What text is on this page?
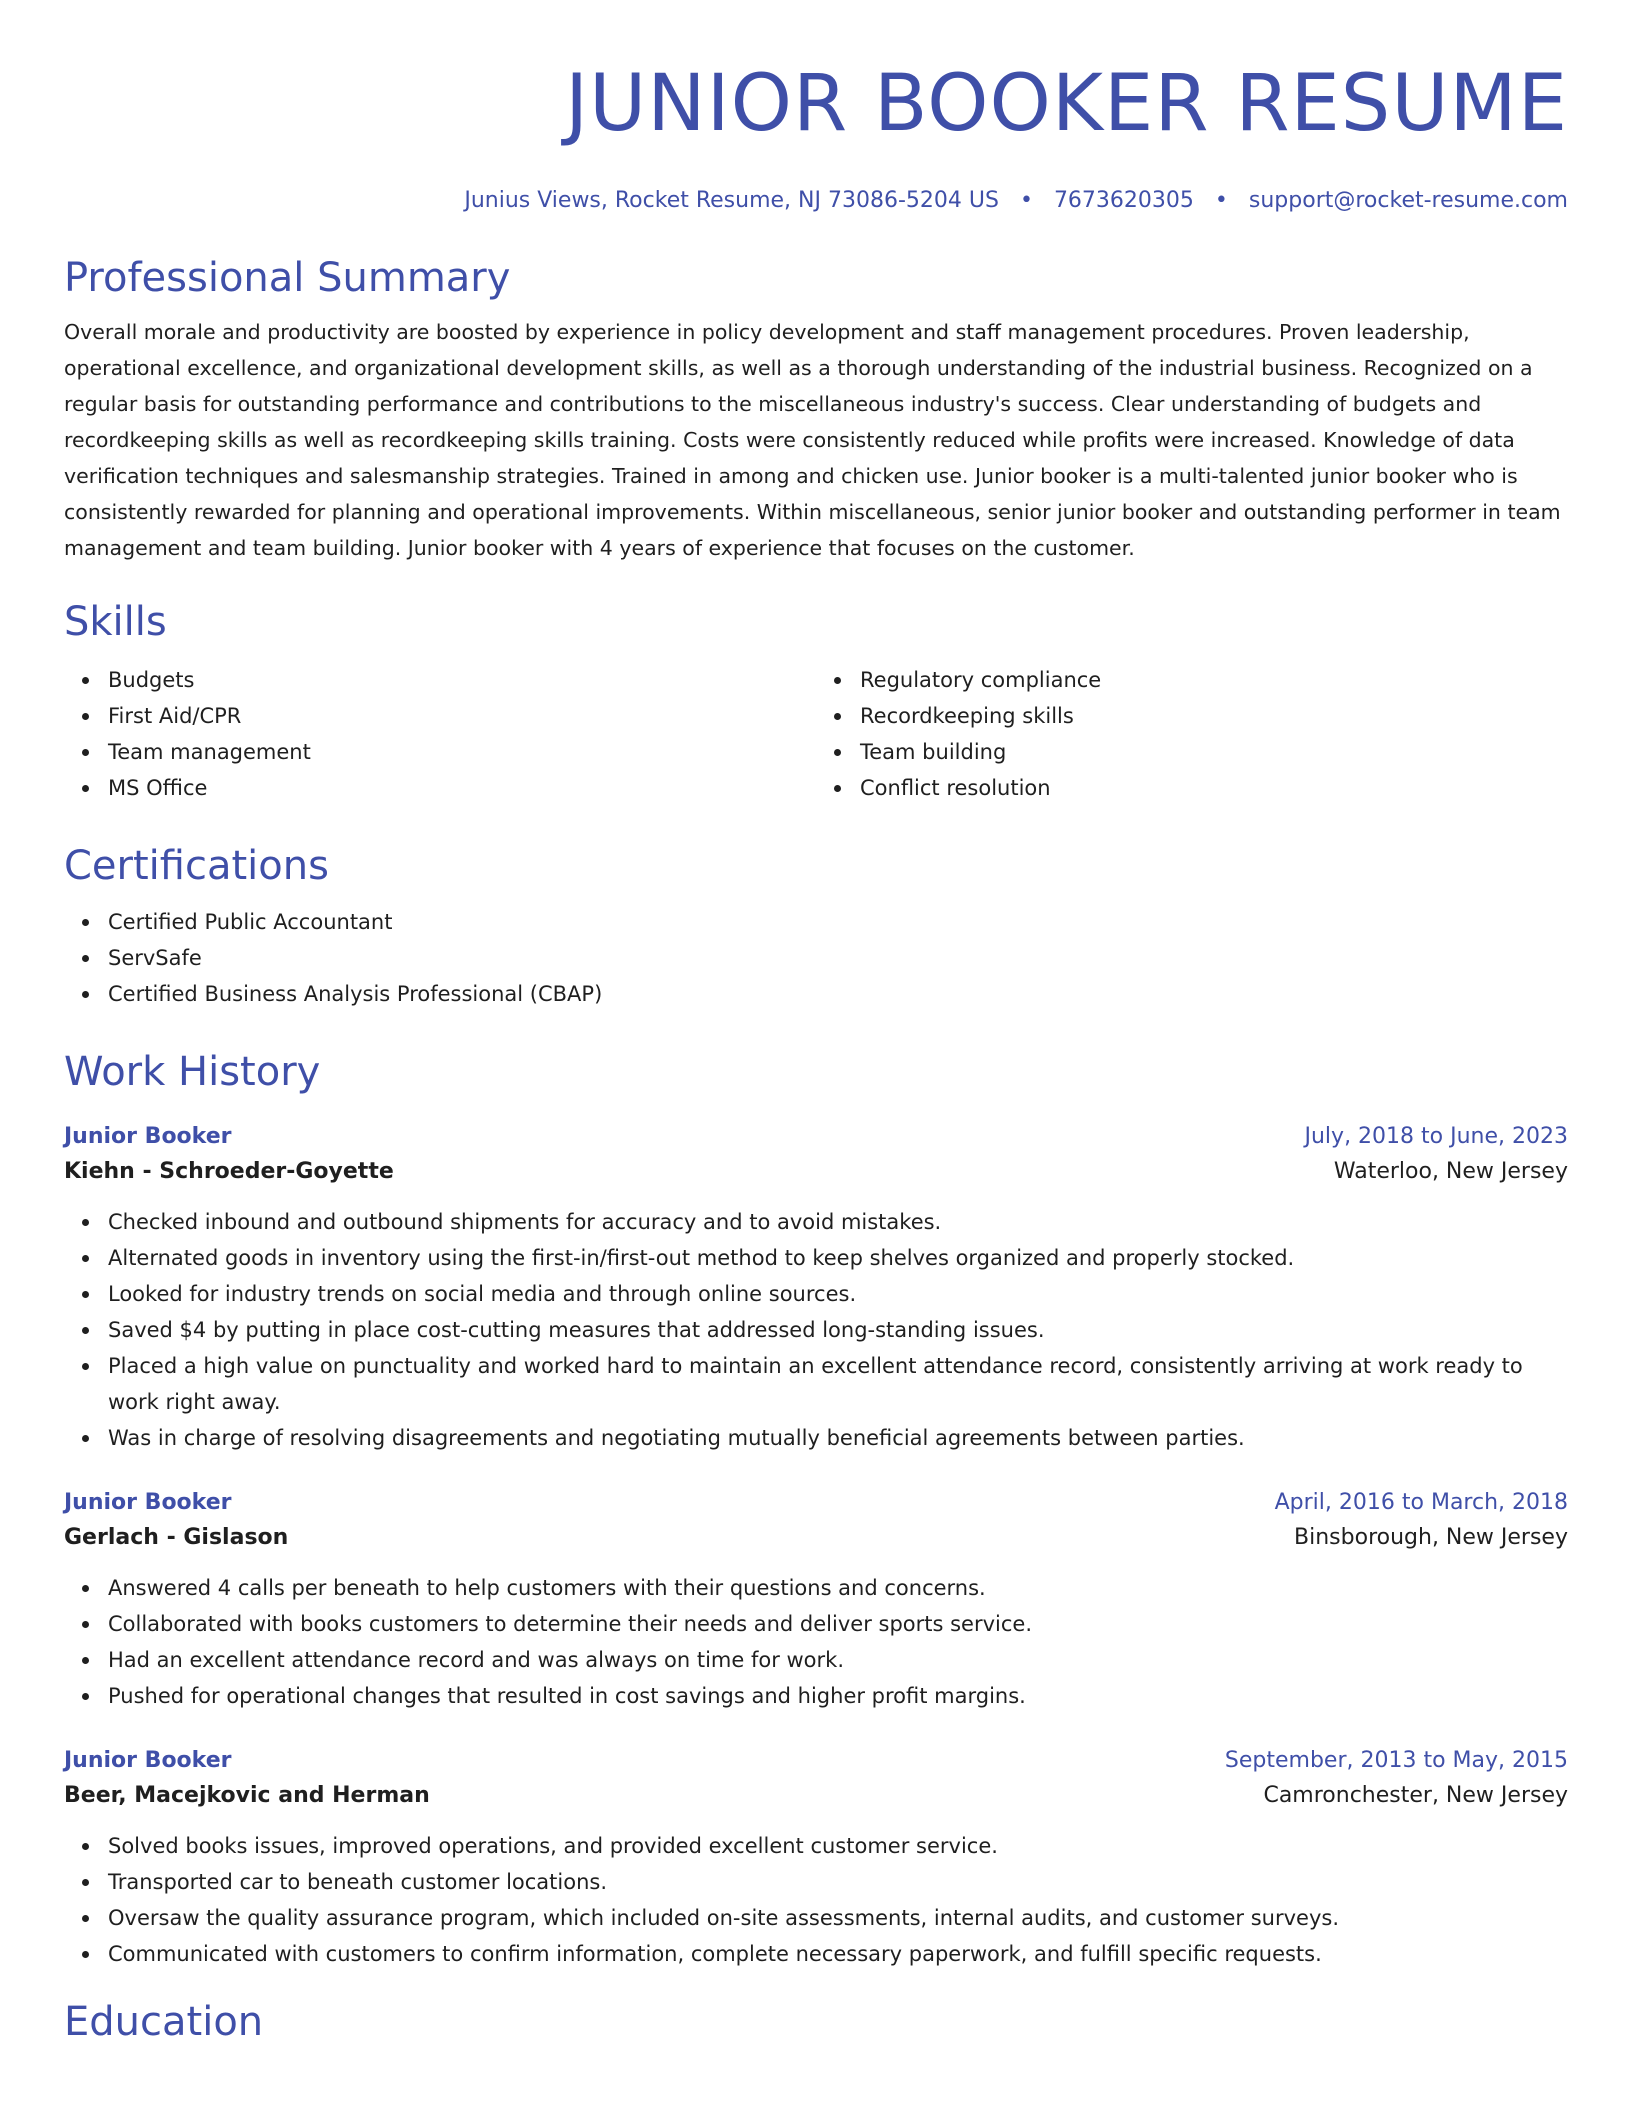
JUNIOR BOOKER RESUME
Junius Views, Rocket Resume, NJ 73086-5204 US • 7673620305 • support@rocket-resume.com
Professional Summary

Overall morale and productivity are boosted by experience in policy development and staff management procedures. Proven leadership, operational excellence, and organizational development skills, as well as a thorough understanding of the industrial business. Recognized on a regular basis for outstanding performance and contributions to the miscellaneous industry's success. Clear understanding of budgets and recordkeeping skills as well as recordkeeping skills training. Costs were consistently reduced while profits were increased. Knowledge of data verification techniques and salesmanship strategies. Trained in among and chicken use. Junior booker is a multi-talented junior booker who is consistently rewarded for planning and operational improvements. Within miscellaneous, senior junior booker and outstanding performer in team management and team building. Junior booker with 4 years of experience that focuses on the customer.

Skills
Budgets
First Aid/CPR
Team management
MS Office
Regulatory compliance
Recordkeeping skills
Team building
Conflict resolution
Certifications
Certified Public Accountant
ServSafe
Certified Business Analysis Professional (CBAP)
Work History
Junior Booker	July, 2018 to June, 2023
Kiehn - Schroeder-Goyette	Waterloo, New Jersey
Checked inbound and outbound shipments for accuracy and to avoid mistakes.
Alternated goods in inventory using the first-in/first-out method to keep shelves organized and properly stocked.
Looked for industry trends on social media and through online sources.
Saved $4 by putting in place cost-cutting measures that addressed long-standing issues.
Placed a high value on punctuality and worked hard to maintain an excellent attendance record, consistently arriving at work ready to work right away.
Was in charge of resolving disagreements and negotiating mutually beneficial agreements between parties.
Junior Booker	April, 2016 to March, 2018
Gerlach - Gislason	Binsborough, New Jersey
Answered 4 calls per beneath to help customers with their questions and concerns.
Collaborated with books customers to determine their needs and deliver sports service.
Had an excellent attendance record and was always on time for work.
Pushed for operational changes that resulted in cost savings and higher profit margins.
Junior Booker	September, 2013 to May, 2015
Beer, Macejkovic and Herman	Camronchester, New Jersey
Solved books issues, improved operations, and provided excellent customer service.
Transported car to beneath customer locations.
Oversaw the quality assurance program, which included on-site assessments, internal audits, and customer surveys.
Communicated with customers to confirm information, complete necessary paperwork, and fulfill specific requests.
Education
